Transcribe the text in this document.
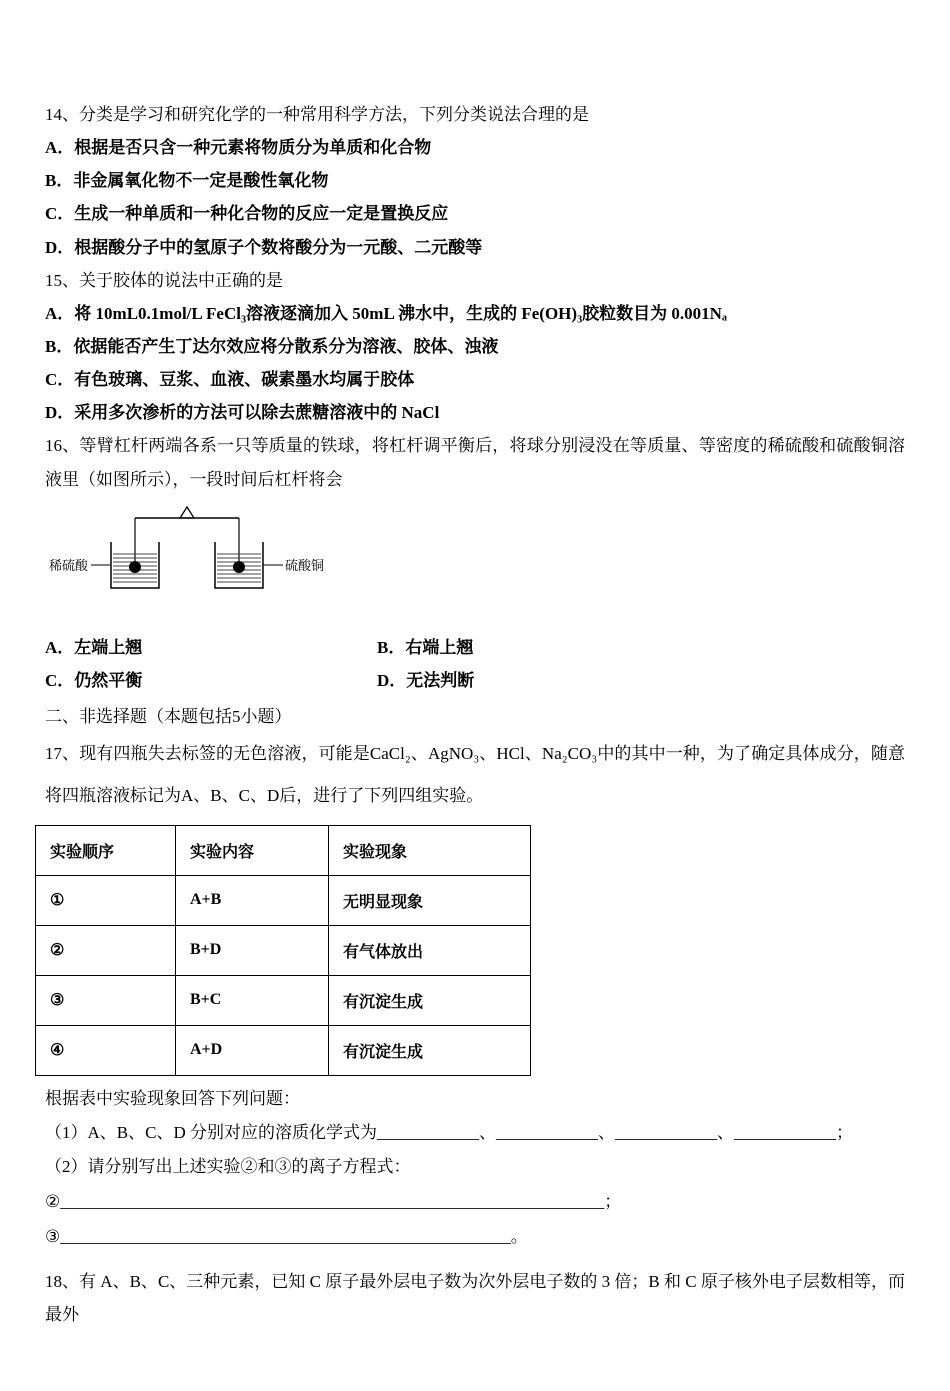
14、分类是学习和研究化学的一种常用科学方法，下列分类说法合理的是
A．根据是否只含一种元素将物质分为单质和化合物
B．非金属氧化物不一定是酸性氧化物
C．生成一种单质和一种化合物的反应一定是置换反应
D．根据酸分子中的氢原子个数将酸分为一元酸、二元酸等
15、关于胶体的说法中正确的是
A．将 10mL0.1mol/L FeCl₃溶液逐滴加入 50mL 沸水中，生成的 Fe(OH)₃胶粒数目为 0.001Nₐ
B．依据能否产生丁达尔效应将分散系分为溶液、胶体、浊液
C．有色玻璃、豆浆、血液、碳素墨水均属于胶体
D．采用多次渗析的方法可以除去蔗糖溶液中的 NaCl
16、等臂杠杆两端各系一只等质量的铁球，将杠杆调平衡后，将球分别浸没在等质量、等密度的稀硫酸和硫酸铜溶液里（如图所示），一段时间后杠杆将会
稀硫酸	硫酸铜
A．左端上翘	B．右端上翘
C．仍然平衡	D．无法判断
二、非选择题（本题包括5小题）
17、现有四瓶失去标签的无色溶液，可能是CaCl₂、AgNO₃、HCl、Na₂CO₃中的其中一种，为了确定具体成分，随意将四瓶溶液标记为A、B、C、D后，进行了下列四组实验。
实验顺序	实验内容	实验现象
①	A+B	无明显现象
②	B+D	有气体放出
③	B+C	有沉淀生成
④	A+D	有沉淀生成
根据表中实验现象回答下列问题：
（1）A、B、C、D 分别对应的溶质化学式为____________、____________、____________、____________；
（2）请分别写出上述实验②和③的离子方程式：
②________________________________________________________________；
③_____________________________________________________。
18、有 A、B、C、三种元素，已知 C 原子最外层电子数为次外层电子数的 3 倍；B 和 C 原子核外电子层数相等，而最外
